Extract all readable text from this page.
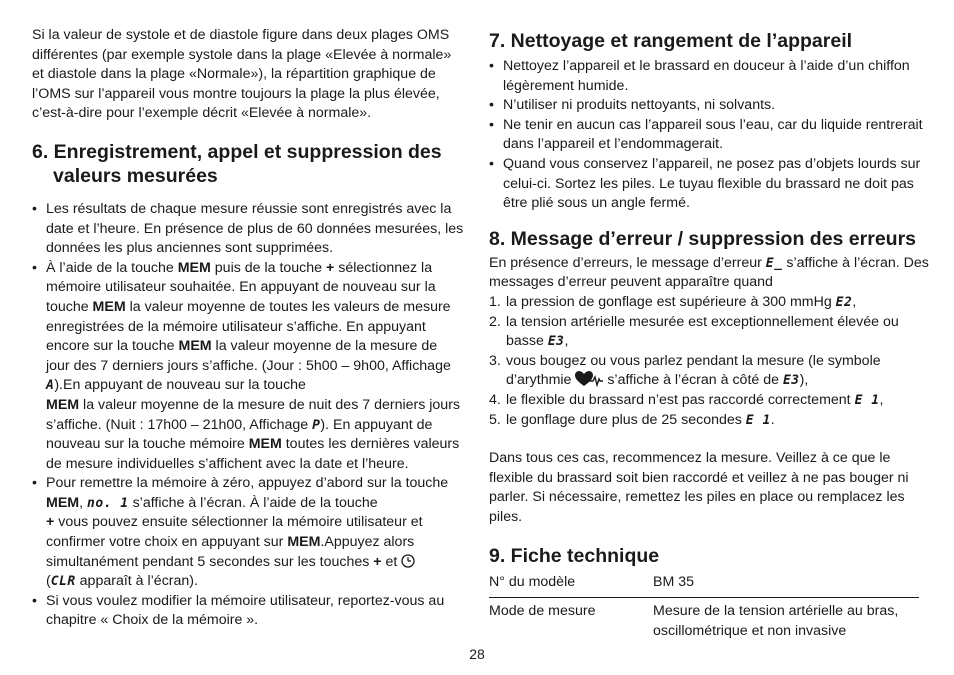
Si la valeur de systole et de diastole figure dans deux plages OMS différentes (par exemple systole dans la plage «Elevée à normale» et diastole dans la plage «Normale»), la répartition graphique de l’OMS sur l’appareil vous montre toujours la plage la plus élevée, c’est-à-dire pour l’exemple décrit «Elevée à normale».

6. Enregistrement, appel et suppression des valeurs mesurées
• Les résultats de chaque mesure réussie sont enregistrés avec la date et l’heure. En présence de plus de 60 données mesurées, les données les plus anciennes sont supprimées.
• À l’aide de la touche MEM puis de la touche + sélectionnez la mémoire utilisateur souhaitée. En appuyant de nouveau sur la touche MEM la valeur moyenne de toutes les valeurs de mesure enregistrées de la mémoire utilisateur s’affiche. En appuyant encore sur la touche MEM la valeur moyenne de la mesure de jour des 7 derniers jours s’affiche. (Jour : 5h00 – 9h00, Affichage A).En appuyant de nouveau sur la touche
MEM la valeur moyenne de la mesure de nuit des 7 derniers jours s’affiche. (Nuit : 17h00 – 21h00, Affichage P). En appuyant de nouveau sur la touche mémoire MEM toutes les dernières valeurs de mesure individuelles s’affichent avec la date et l’heure.
• Pour remettre la mémoire à zéro, appuyez d’abord sur la touche MEM, no. 1 s’affiche à l’écran. À l’aide de la touche
+ vous pouvez ensuite sélectionner la mémoire utilisateur et confirmer votre choix en appuyant sur MEM.Appuyez alors simultanément pendant 5 secondes sur les touches + et
(CLR apparaît à l’écran).
• Si vous voulez modifier la mémoire utilisateur, reportez-vous au chapitre « Choix de la mémoire ».
7. Nettoyage et rangement de l’appareil
• Nettoyez l’appareil et le brassard en douceur à l’aide d’un chiffon légèrement humide.
• N’utiliser ni produits nettoyants, ni solvants.
• Ne tenir en aucun cas l’appareil sous l’eau, car du liquide rentrerait dans l’appareil et l’endommagerait.
• Quand vous conservez l’appareil, ne posez pas d’objets lourds sur celui-ci. Sortez les piles. Le tuyau flexible du brassard ne doit pas être plié sous un angle fermé.
8. Message d’erreur / suppression des erreurs

En présence d’erreurs, le message d’erreur E_ s’affiche à l’écran. Des messages d’erreur peuvent apparaître quand

1. la pression de gonflage est supérieure à 300 mmHg E2,
2. la tension artérielle mesurée est exceptionnellement élevée ou basse E3,
3. vous bougez ou vous parlez pendant la mesure (le symbole d’arythmie  s’affiche à l’écran à côté de E3),
4. le flexible du brassard n’est pas raccordé correctement E 1,
5. le gonflage dure plus de 25 secondes E 1.

Dans tous ces cas, recommencez la mesure. Veillez à ce que le flexible du brassard soit bien raccordé et veillez à ne pas bouger ni parler. Si nécessaire, remettez les piles en place ou remplacez les piles.

9. Fiche technique
N° du modèle	BM 35
Mode de mesure	Mesure de la tension artérielle au bras, oscillométrique et non invasive
28
